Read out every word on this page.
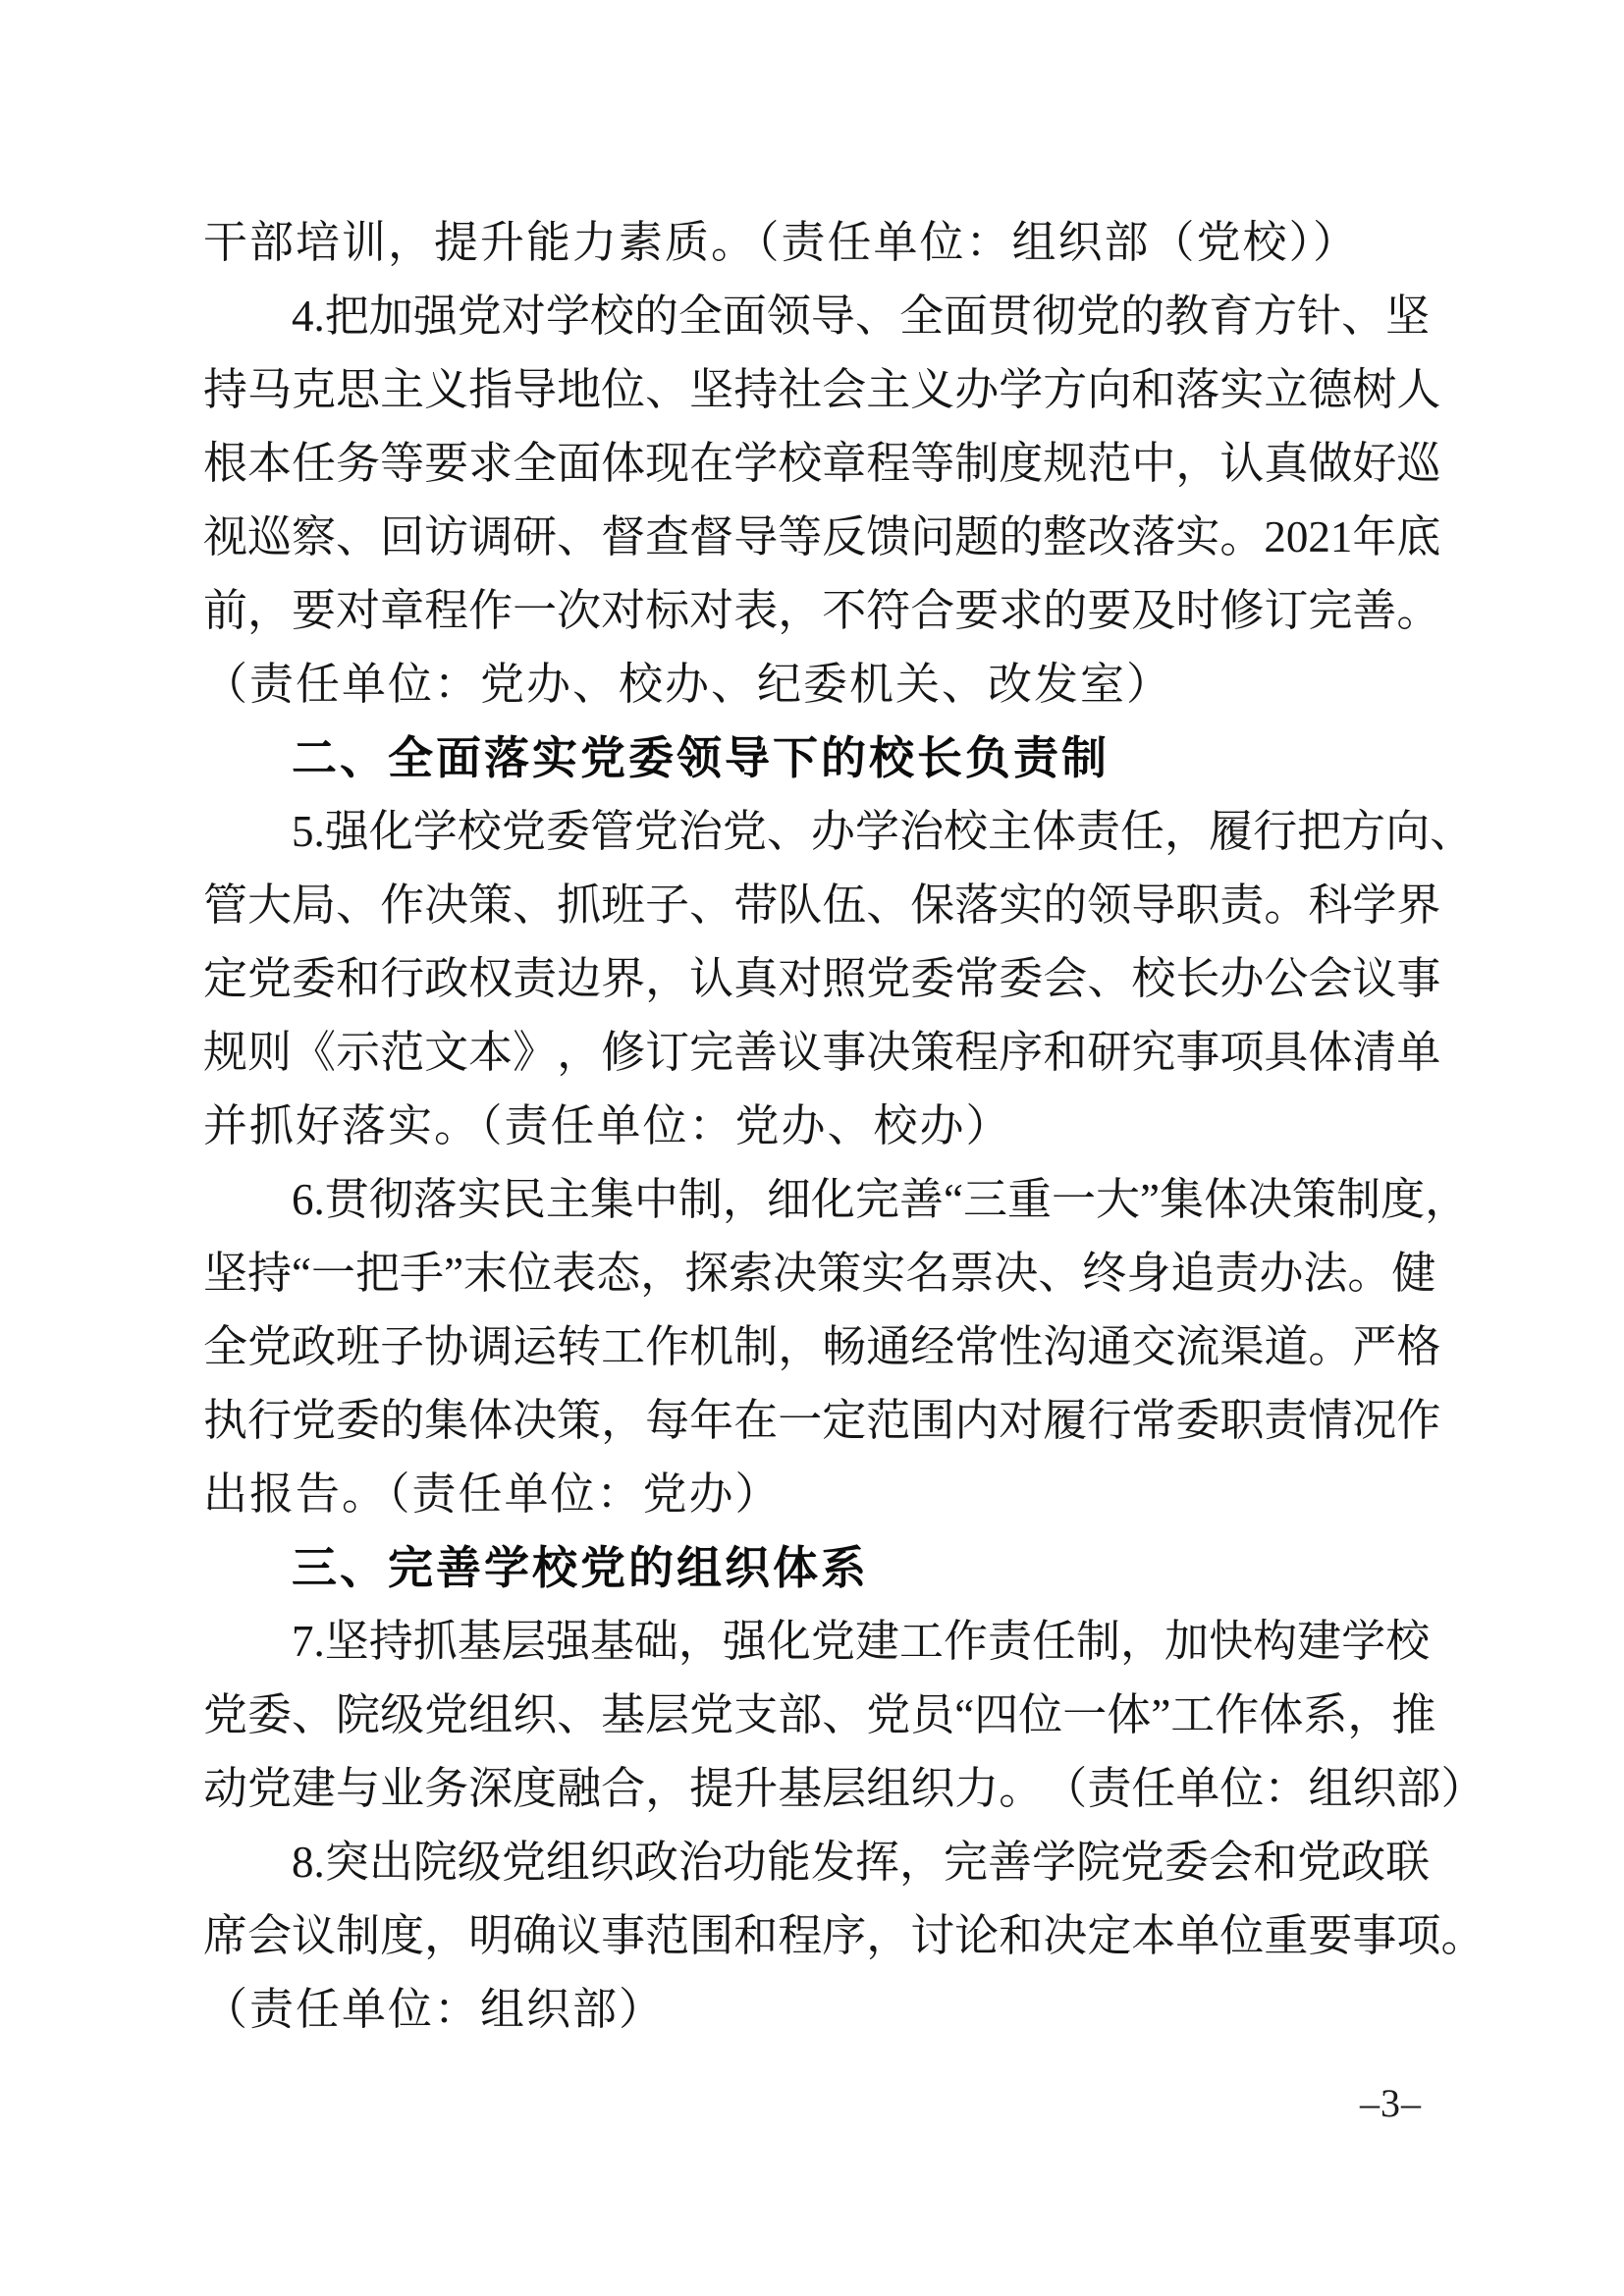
干部培训，提升能力素质。（责任单位：组织部（党校））
4. 把 加 强 党 对 学 校 的 全 面 领 导 、 全 面 贯 彻 党 的 教 育 方 针 、 坚
持 马 克 思 主 义 指 导 地 位 、 坚 持 社 会 主 义 办 学 方 向 和 落 实 立 德 树 人
根 本 任 务 等 要 求 全 面 体 现 在 学 校 章 程 等 制 度 规 范 中 ， 认 真 做 好 巡
视 巡 察 、 回 访 调 研 、 督 查 督 导 等 反 馈 问 题 的 整 改 落 实 。 2021 年 底
前 ， 要 对 章 程 作 一 次 对 标 对 表 ， 不 符 合 要 求 的 要 及 时 修 订 完 善 。
（责任单位：党办、校办、纪委机关、改发室）
二、全面落实党委领导下的校长负责制
5. 强 化 学 校 党 委 管 党 治 党 、 办 学 治 校 主 体 责 任 ， 履 行 把 方 向 、
管 大 局 、 作 决 策 、 抓 班 子 、 带 队 伍 、 保 落 实 的 领 导 职 责 。 科 学 界
定 党 委 和 行 政 权 责 边 界 ， 认 真 对 照 党 委 常 委 会 、 校 长 办 公 会 议 事
规 则 《 示 范 文 本 》 ， 修 订 完 善 议 事 决 策 程 序 和 研 究 事 项 具 体 清 单
并抓好落实。（责任单位：党办、校办）
6. 贯 彻 落 实 民 主 集 中 制 ， 细 化 完 善 “ 三 重 一 大 ” 集 体 决 策 制 度 ，
坚 持 “ 一 把 手 ” 末 位 表 态 ， 探 索 决 策 实 名 票 决 、 终 身 追 责 办 法 。 健
全 党 政 班 子 协 调 运 转 工 作 机 制 ， 畅 通 经 常 性 沟 通 交 流 渠 道 。 严 格
执 行 党 委 的 集 体 决 策 ， 每 年 在 一 定 范 围 内 对 履 行 常 委 职 责 情 况 作
出报告。（责任单位：党办）
三、完善学校党的组织体系
7. 坚 持 抓 基 层 强 基 础 ， 强 化 党 建 工 作 责 任 制 ， 加 快 构 建 学 校
党 委 、 院 级 党 组 织 、 基 层 党 支 部 、 党 员 “ 四 位 一 体 ” 工 作 体 系 ， 推
动 党 建 与 业 务 深 度 融 合 ， 提 升 基 层 组 织 力 。 （ 责 任 单 位 ： 组 织 部 ）
8. 突 出 院 级 党 组 织 政 治 功 能 发 挥 ， 完 善 学 院 党 委 会 和 党 政 联
席 会 议 制 度 ， 明 确 议 事 范 围 和 程 序 ， 讨 论 和 决 定 本 单 位 重 要 事 项 。
（责任单位：组织部）
–3–
